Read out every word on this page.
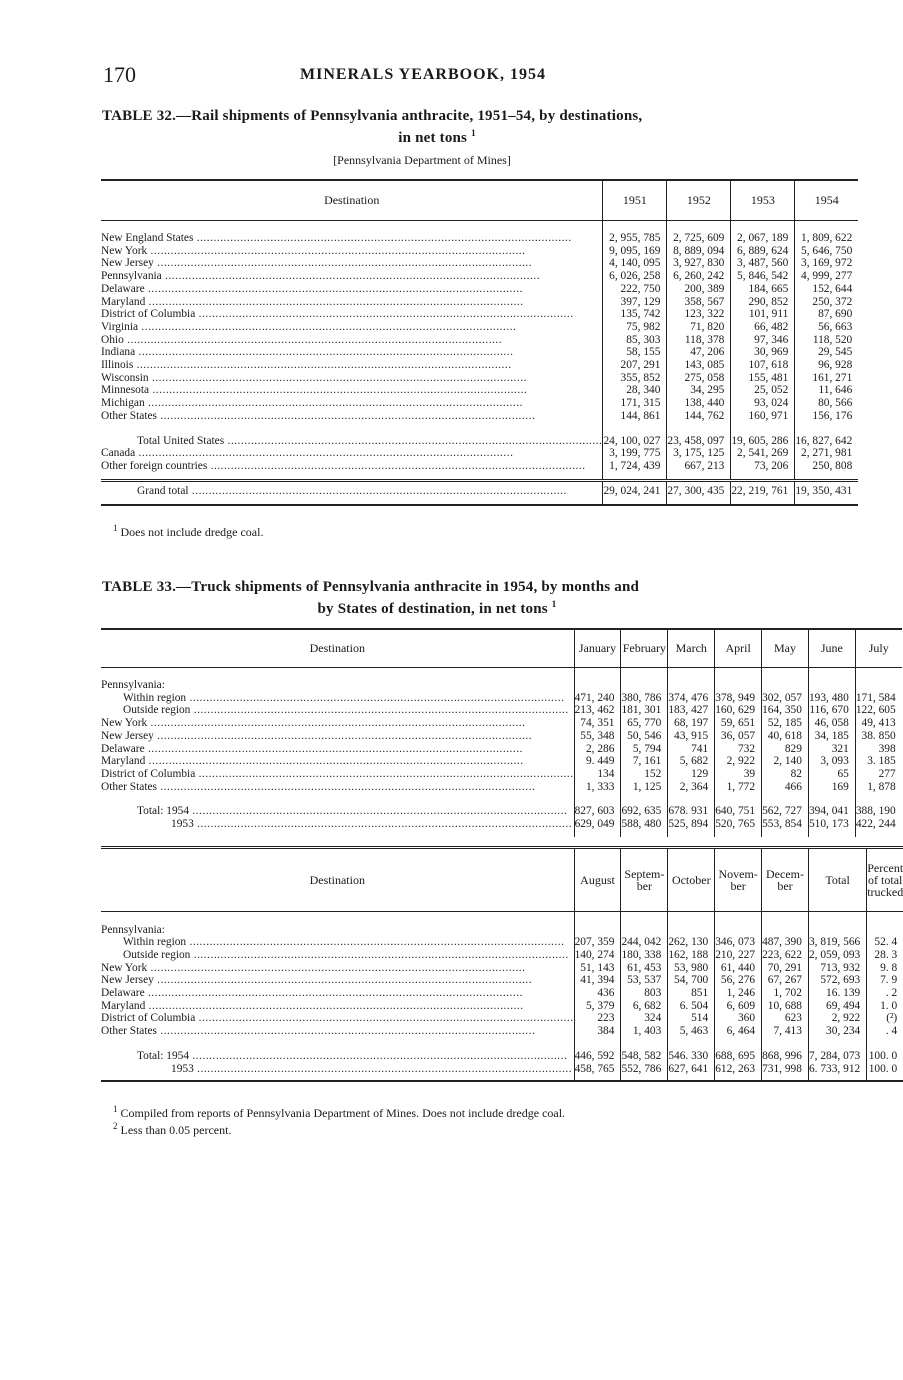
170	MINERALS YEARBOOK, 1954
TABLE 32.—Rail shipments of Pennsylvania anthracite, 1951–54, by destinations,
in net tons $^1$
[Pennsylvania Department of Mines]
Destination	1951	1952	1953	1954

New England States .....	2, 955, 785	2, 725, 609	2, 067, 189	1, 809, 622
New York .....	9, 095, 169	8, 889, 094	6, 889, 624	5, 646, 750
New Jersey .....	4, 140, 095	3, 927, 830	3, 487, 560	3, 169, 972
Pennsylvania .....	6, 026, 258	6, 260, 242	5, 846, 542	4, 999, 277
Delaware .....	222, 750	200, 389	184, 665	152, 644
Maryland .....	397, 129	358, 567	290, 852	250, 372
District of Columbia .....	135, 742	123, 322	101, 911	87, 690
Virginia .....	75, 982	71, 820	66, 482	56, 663
Ohio .....	85, 303	118, 378	97, 346	118, 520
Indiana .....	58, 155	47, 206	30, 969	29, 545
Illinois .....	207, 291	143, 085	107, 618	96, 928
Wisconsin .....	355, 852	275, 058	155, 481	161, 271
Minnesota .....	28, 340	34, 295	25, 052	11, 646
Michigan .....	171, 315	138, 440	93, 024	80, 566
Other States .....	144, 861	144, 762	160, 971	156, 176

Total United States .....	24, 100, 027	23, 458, 097	19, 605, 286	16, 827, 642
Canada .....	3, 199, 775	3, 175, 125	2, 541, 269	2, 271, 981
Other foreign countries .....	1, 724, 439	667, 213	73, 206	250, 808

Grand total .....	29, 024, 241	27, 300, 435	22, 219, 761	19, 350, 431

$^1$ Does not include dredge coal.
TABLE 33.—Truck shipments of Pennsylvania anthracite in 1954, by months and
by States of destination, in net tons $^1$
Destination	January	February	March	April	May	June	July

Pennsylvania:							
Within region .....	471, 240	380, 786	374, 476	378, 949	302, 057	193, 480	171, 584
Outside region .....	213, 462	181, 301	183, 427	160, 629	164, 350	116, 670	122, 605
New York .....	74, 351	65, 770	68, 197	59, 651	52, 185	46, 058	49, 413
New Jersey .....	55, 348	50, 546	43, 915	36, 057	40, 618	34, 185	38. 850
Delaware .....	2, 286	5, 794	741	732	829	321	398
Maryland .....	9. 449	7, 161	5, 682	2, 922	2, 140	3, 093	3. 185
District of Columbia .....	134	152	129	39	82	65	277
Other States .....	1, 333	1, 125	2, 364	1, 772	466	169	1, 878

Total: 1954 .....	827, 603	692, 635	678. 931	640, 751	562, 727	394, 041	388, 190
1953 .....	629, 049	588, 480	525, 894	520, 765	553, 854	510, 173	422, 244

Destination	August	Septem- ber	October	Novem- ber	Decem- ber	Total	Percent of total trucked

Pennsylvania:							
Within region .....	207, 359	244, 042	262, 130	346, 073	487, 390	3, 819, 566	52. 4
Outside region .....	140, 274	180, 338	162, 188	210, 227	223, 622	2, 059, 093	28. 3
New York .....	51, 143	61, 453	53, 980	61, 440	70, 291	713, 932	9. 8
New Jersey .....	41, 394	53, 537	54, 700	56, 276	67, 267	572, 693	7. 9
Delaware .....	436	803	851	1, 246	1, 702	16. 139	. 2
Maryland .....	5, 379	6, 682	6. 504	6, 609	10, 688	69, 494	1. 0
District of Columbia .....	223	324	514	360	623	2, 922	(²)
Other States .....	384	1, 403	5, 463	6, 464	7, 413	30, 234	. 4

Total: 1954 .....	446, 592	548, 582	546. 330	688, 695	868, 996	7, 284, 073	100. 0
1953 .....	458, 765	552, 786	627, 641	612, 263	731, 998	6. 733, 912	100. 0

$^1$ Compiled from reports of Pennsylvania Department of Mines. Does not include dredge coal.
$^2$ Less than 0.05 percent.
